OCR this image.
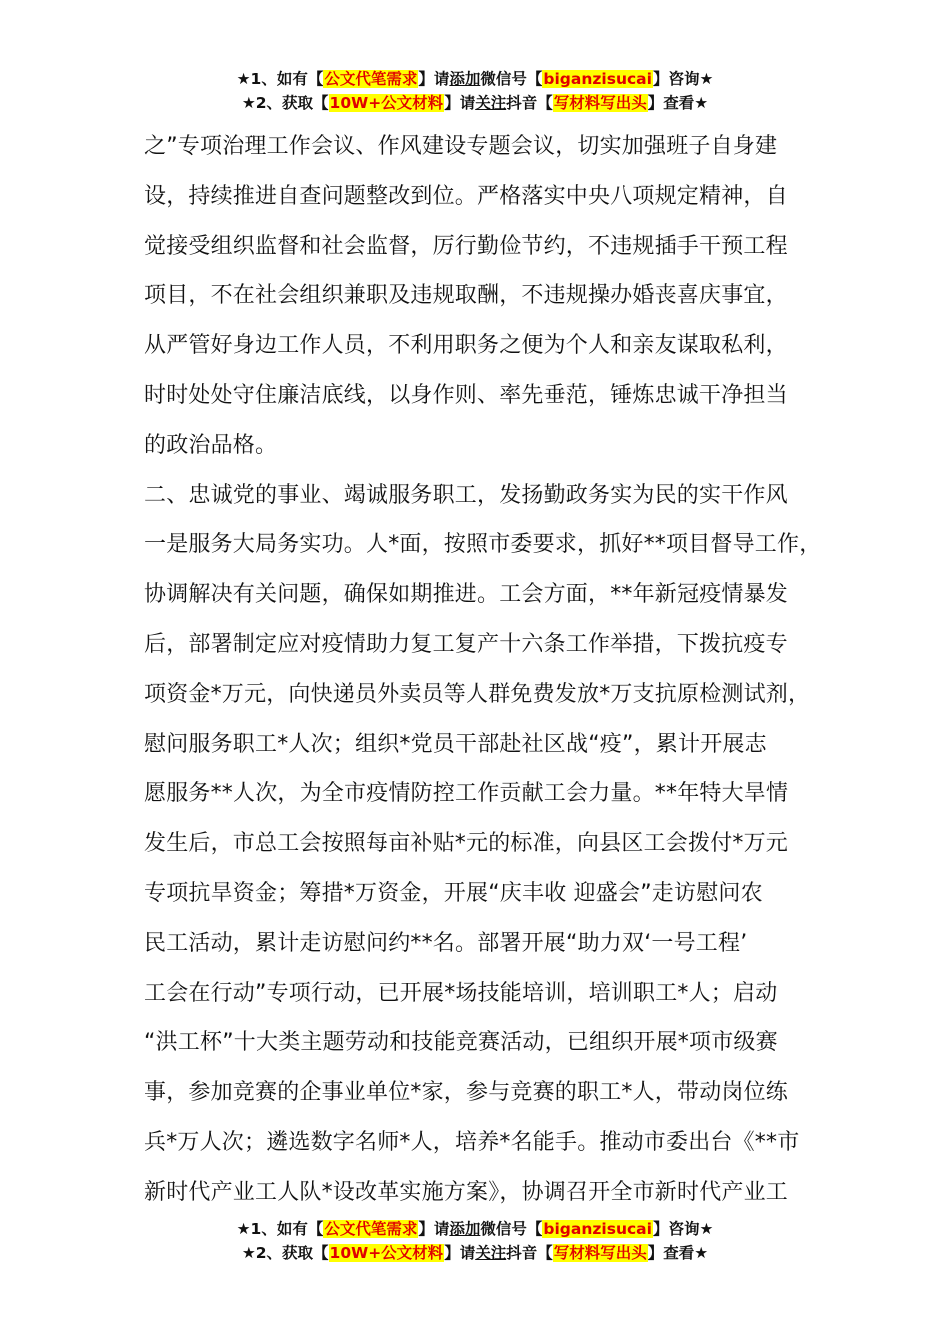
★1、如有【公文代笔需求】请添加微信号【biganzisucai】咨询★
★2、获取【10W+公文材料】请关注抖音【写材料写出头】查看★
之”专项治理工作会议、作风建设专题会议，切实加强班子自身建
设，持续推进自查问题整改到位。严格落实中央八项规定精神，自
觉接受组织监督和社会监督，厉行勤俭节约，不违规插手干预工程
项目，不在社会组织兼职及违规取酬，不违规操办婚丧喜庆事宜，
从严管好身边工作人员，不利用职务之便为个人和亲友谋取私利，
时时处处守住廉洁底线，以身作则、率先垂范，锤炼忠诚干净担当
的政治品格。
二、忠诚党的事业、竭诚服务职工，发扬勤政务实为民的实干作风
一是服务大局务实功。人*面，按照市委要求，抓好**项目督导工作，
协调解决有关问题，确保如期推进。工会方面，**年新冠疫情暴发
后，部署制定应对疫情助力复工复产十六条工作举措，下拨抗疫专
项资金*万元，向快递员外卖员等人群免费发放*万支抗原检测试剂，
慰问服务职工*人次；组织*党员干部赴社区战“疫”，累计开展志
愿服务**人次，为全市疫情防控工作贡献工会力量。**年特大旱情
发生后，市总工会按照每亩补贴*元的标准，向县区工会拨付*万元
专项抗旱资金；筹措*万资金，开展“庆丰收 迎盛会”走访慰问农
民工活动，累计走访慰问约**名。部署开展“助力双‘一号工程’
工会在行动”专项行动，已开展*场技能培训，培训职工*人；启动
“洪工杯”十大类主题劳动和技能竞赛活动，已组织开展*项市级赛
事，参加竞赛的企事业单位*家，参与竞赛的职工*人，带动岗位练
兵*万人次；遴选数字名师*人，培养*名能手。推动市委出台《**市
新时代产业工人队*设改革实施方案》，协调召开全市新时代产业工
★1、如有【公文代笔需求】请添加微信号【biganzisucai】咨询★
★2、获取【10W+公文材料】请关注抖音【写材料写出头】查看★
